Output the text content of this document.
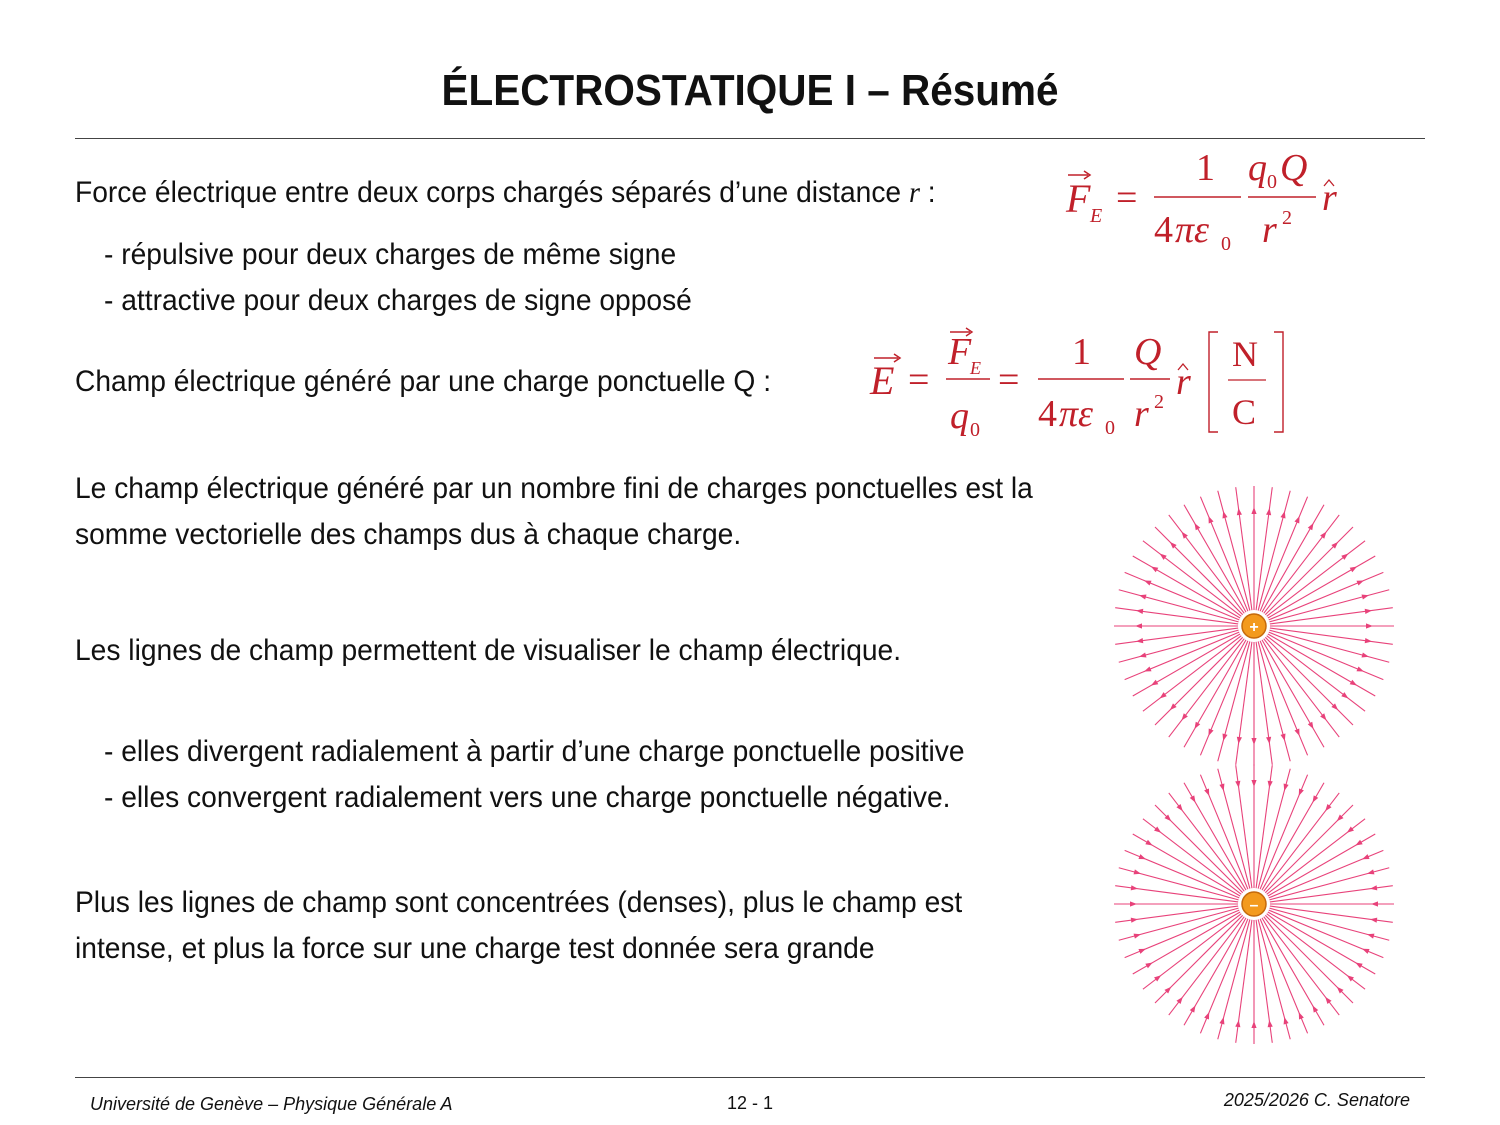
ÉLECTROSTATIQUE I – Résumé
Force électrique entre deux corps chargés séparés d’une distance r :	F E =
1
4 πε 0
q 0 Q
r 2 r
- répulsive pour deux charges de même signe
- attractive pour deux charges de signe opposé
Champ électrique généré par une charge ponctuelle Q : E =
F
E
q 0
=
1
4 πε 0
Q
r 2 r
N
C
Le champ électrique généré par un nombre fini de charges ponctuelles est la
somme vectorielle des champs dus à chaque charge.
Les lignes de champ permettent de visualiser le champ électrique.
- elles divergent radialement à partir d’une charge ponctuelle positive
- elles convergent radialement vers une charge ponctuelle négative.
Plus les lignes de champ sont concentrées (denses), plus le champ est
intense, et plus la force sur une charge test donnée sera grande
+
–
Université de Genève – Physique Générale A	12 - 1	2025/2026 C. Senatore
